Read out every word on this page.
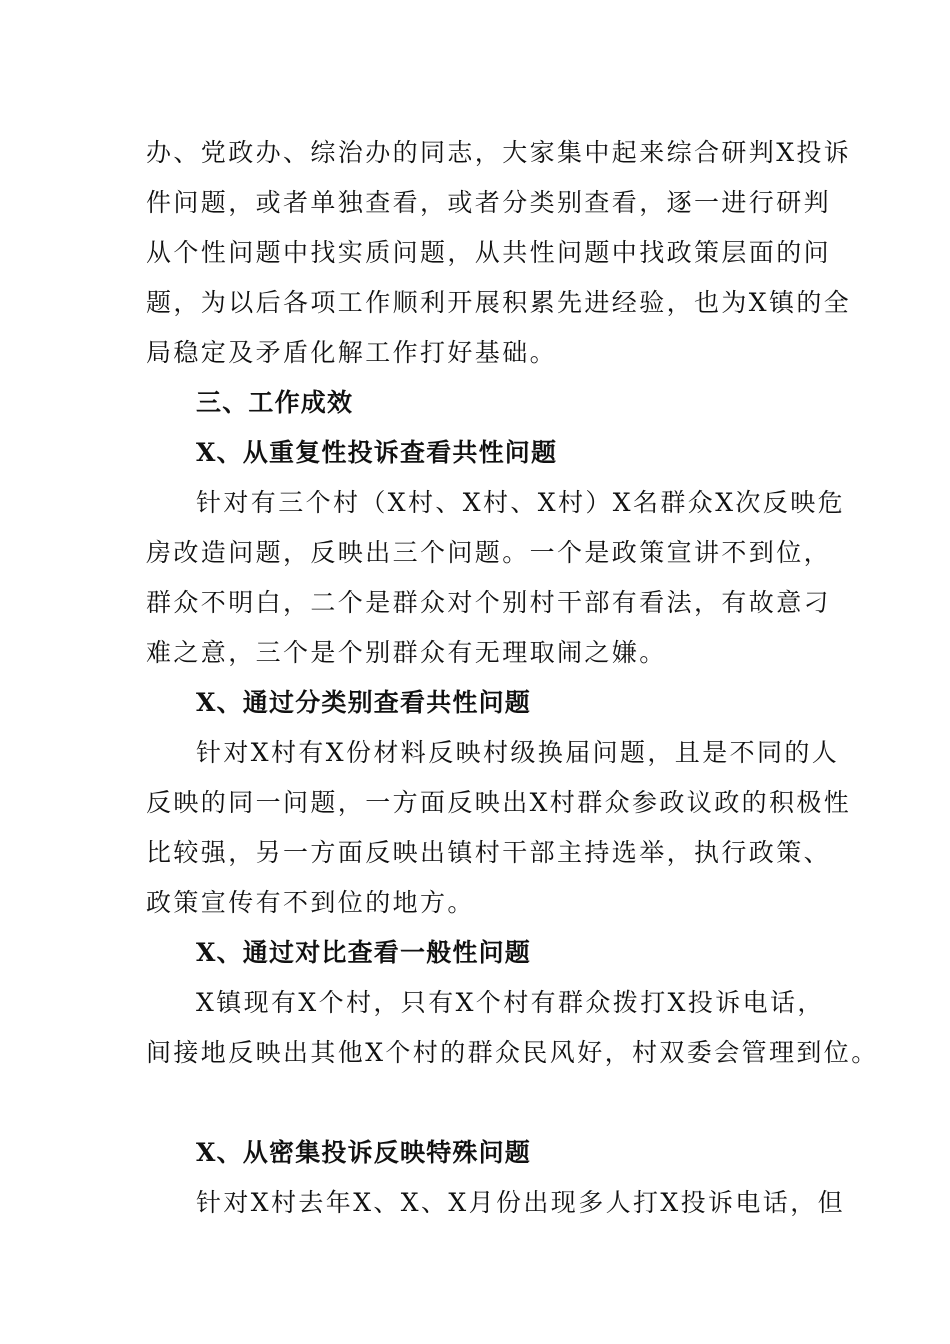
办、党政办、综治办的同志，大家集中起来综合研判X投诉
件问题，或者单独查看，或者分类别查看，逐一进行研判
从个性问题中找实质问题，从共性问题中找政策层面的问
题，为以后各项工作顺利开展积累先进经验，也为X镇的全
局稳定及矛盾化解工作打好基础。
三、工作成效
X、从重复性投诉查看共性问题
针对有三个村（X村、X村、X村）X名群众X次反映危
房改造问题，反映出三个问题。一个是政策宣讲不到位，
群众不明白，二个是群众对个别村干部有看法，有故意刁
难之意，三个是个别群众有无理取闹之嫌。
X、通过分类别查看共性问题
针对X村有X份材料反映村级换届问题，且是不同的人
反映的同一问题，一方面反映出X村群众参政议政的积极性
比较强，另一方面反映出镇村干部主持选举，执行政策、
政策宣传有不到位的地方。
X、通过对比查看一般性问题
X镇现有X个村，只有X个村有群众拨打X投诉电话，
间接地反映出其他X个村的群众民风好，村双委会管理到位。
X、从密集投诉反映特殊问题
针对X村去年X、X、X月份出现多人打X投诉电话，但
